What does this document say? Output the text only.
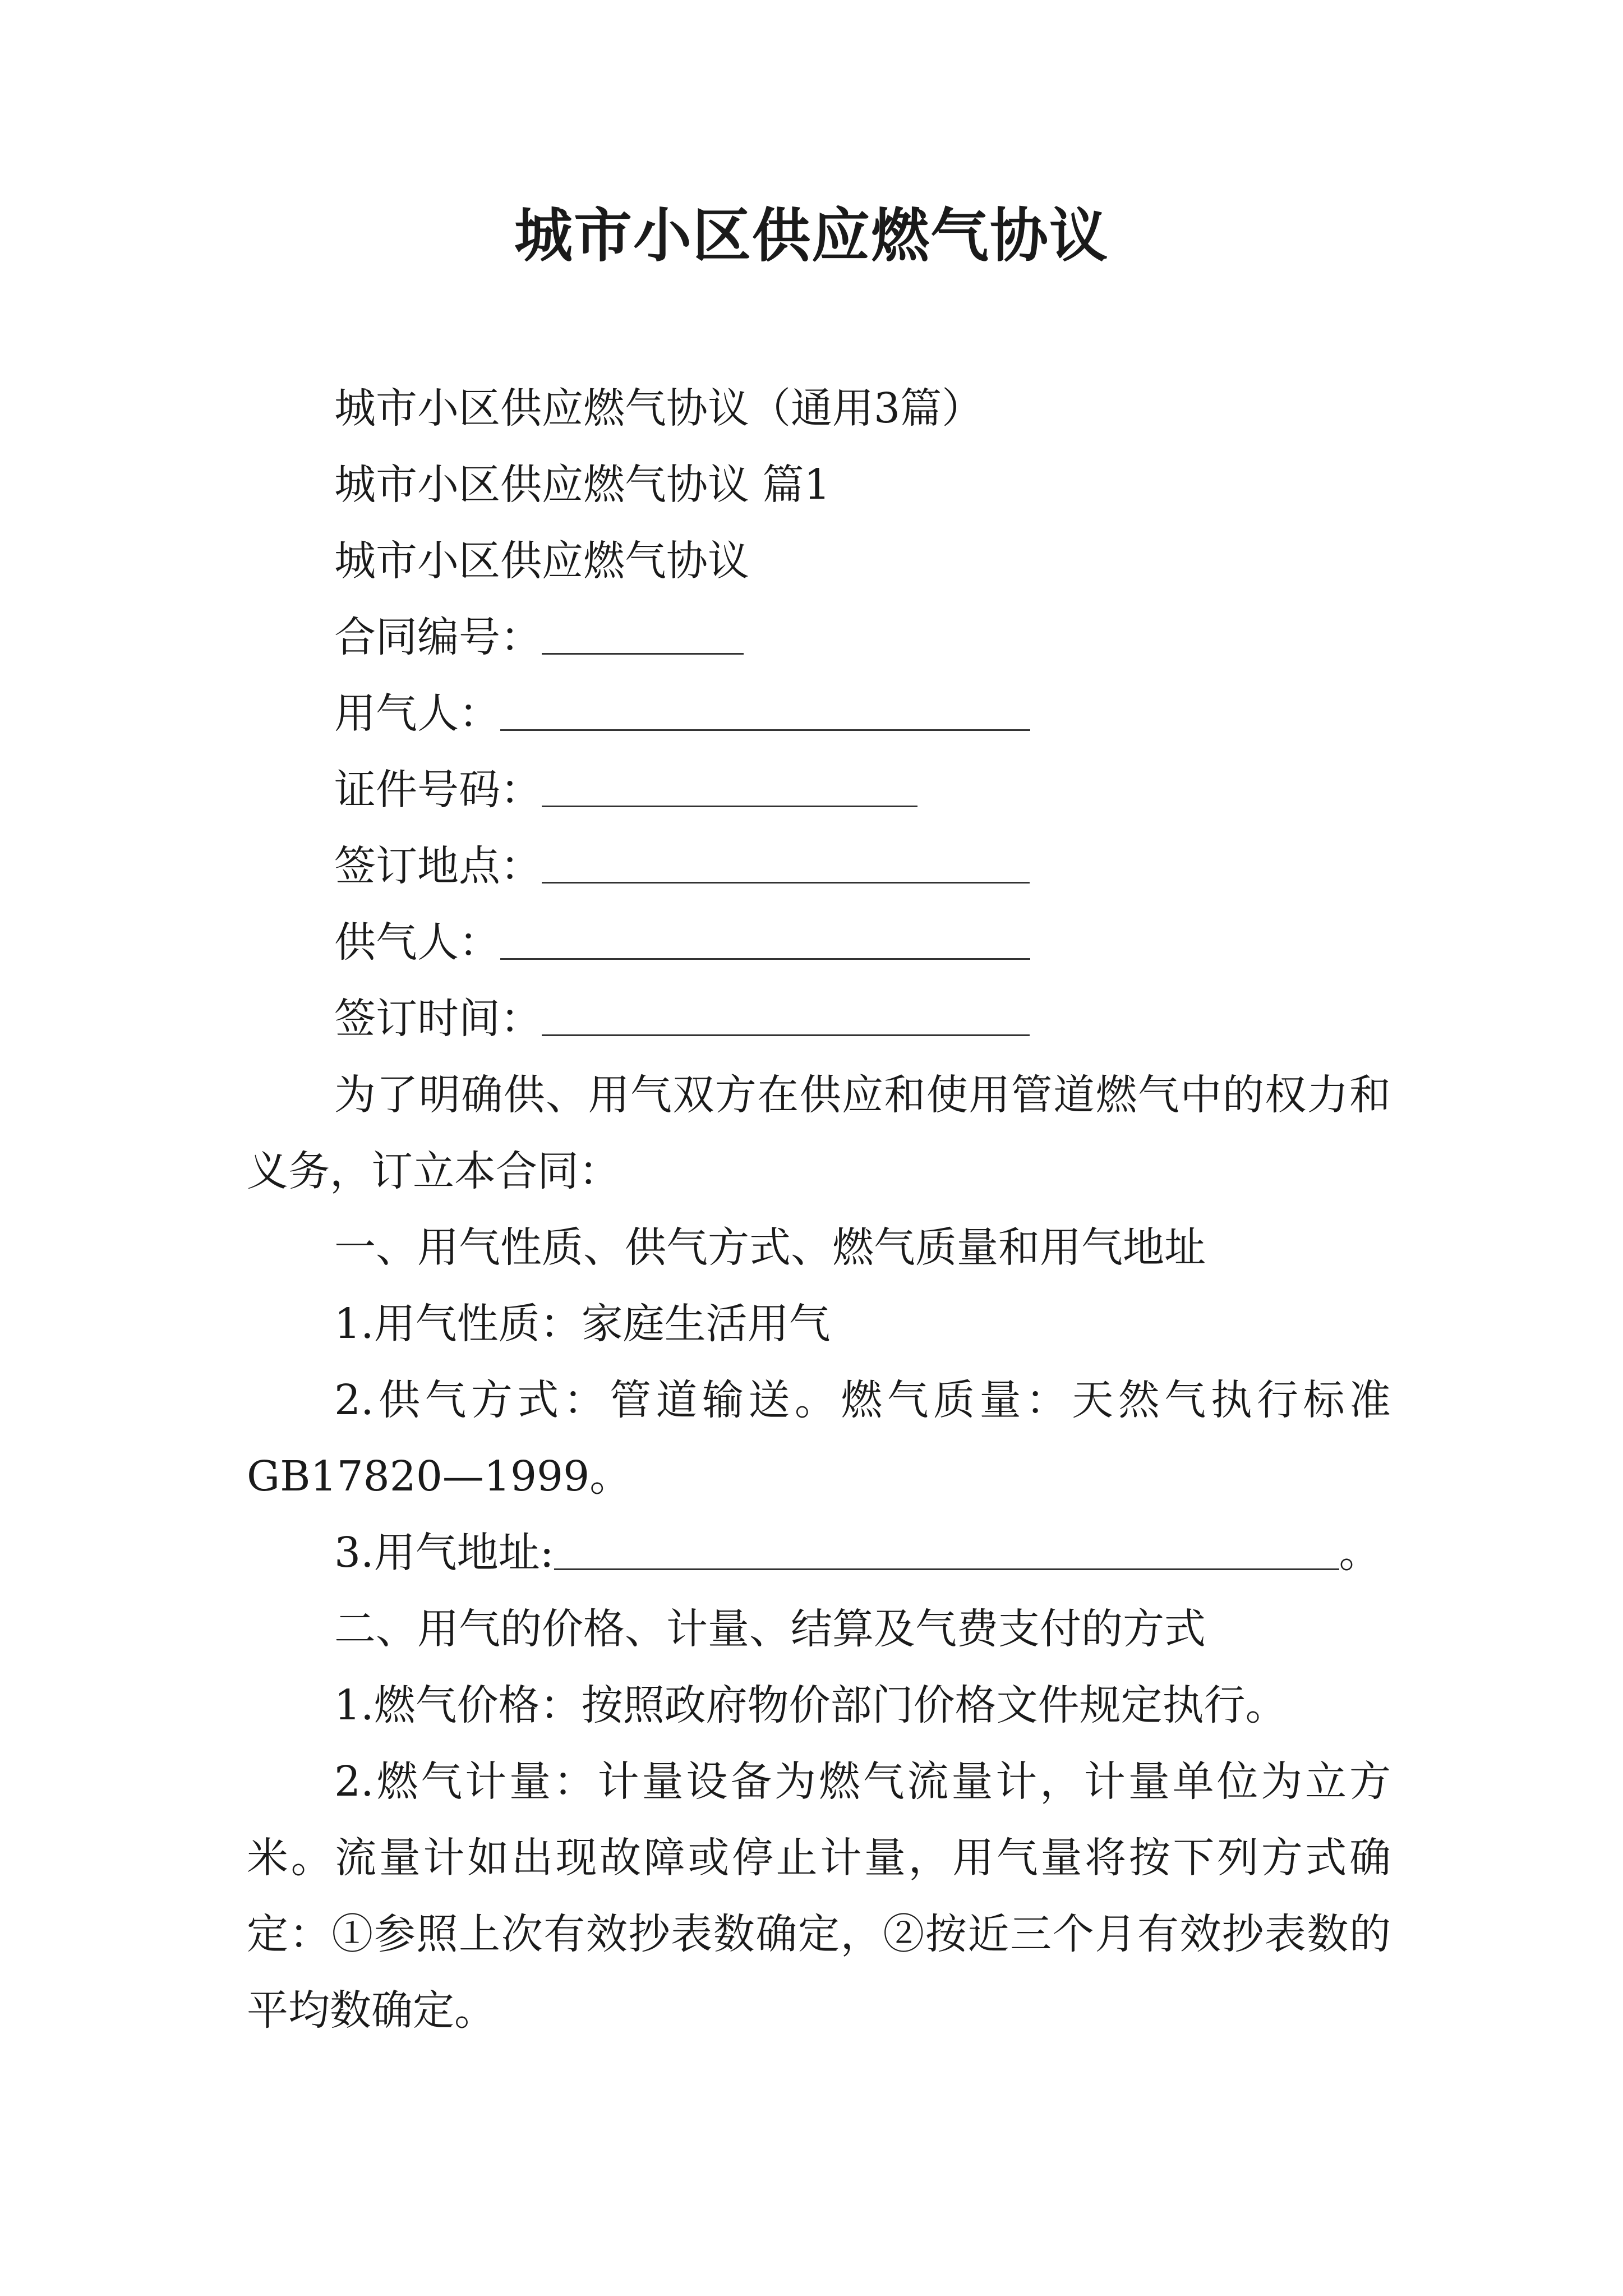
城市小区供应燃气协议

城市小区供应燃气协议（通用3篇）

城市小区供应燃气协议 篇1

城市小区供应燃气协议

合同编号：

用气人：

证件号码：

签订地点：

供气人：

签订时间：

为了明确供、用气双方在供应和使用管道燃气中的权力和义务，订立本合同：

一、用气性质、供气方式、燃气质量和用气地址

1.用气性质：家庭生活用气

2.供气方式：管道输送。燃气质量：天然气执行标准GB17820—1999。

3.用气地址:	。

二、用气的价格、计量、结算及气费支付的方式

1.燃气价格：按照政府物价部门价格文件规定执行。

2.燃气计量：计量设备为燃气流量计，计量单位为立方米。流量计如出现故障或停止计量，用气量将按下列方式确定：①参照上次有效抄表数确定，②按近三个月有效抄表数的平均数确定。
